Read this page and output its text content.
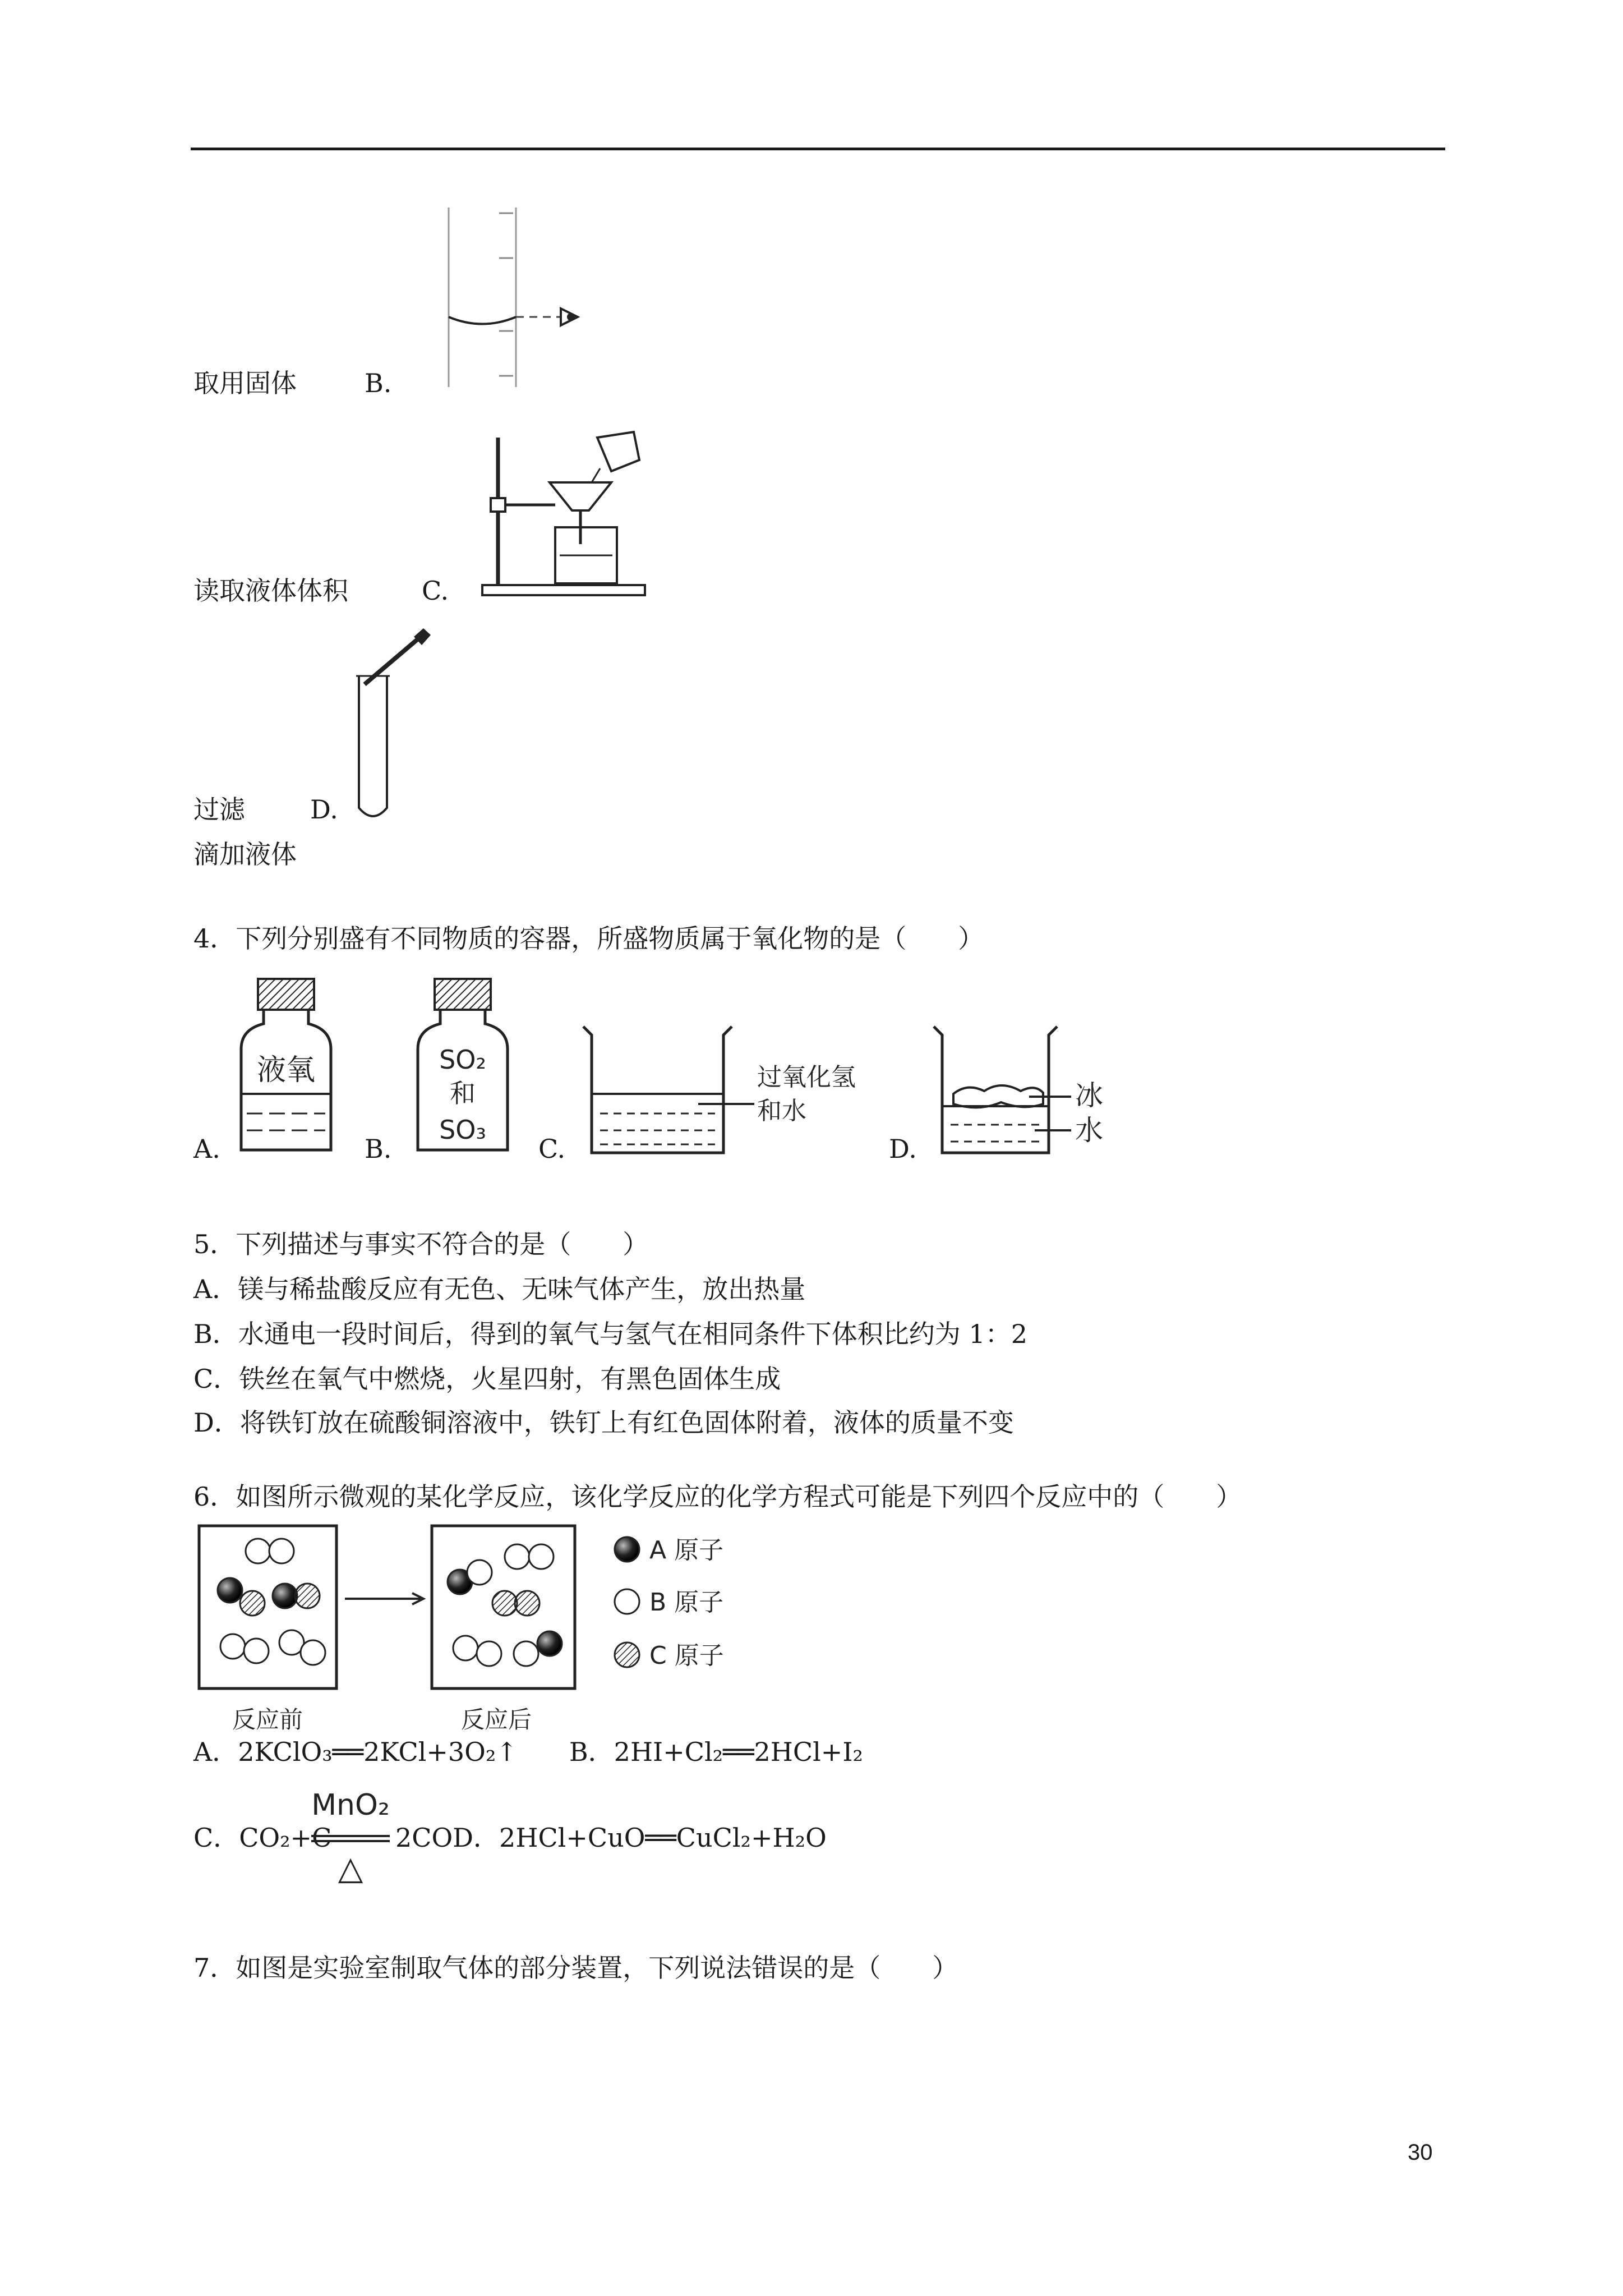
取用固体	B.
读取液体体积	C.
过滤	D.
滴加液体
4．下列分别盛有不同物质的容器，所盛物质属于氧化物的是（　　）
液氧
A.
SO₂
和
SO₃
B.
过氧化氢
和水
C.
冰
水
D.
5．下列描述与事实不符合的是（　　）
A．镁与稀盐酸反应有无色、无味气体产生，放出热量
B．水通电一段时间后，得到的氧气与氢气在相同条件下体积比约为 1：2
C．铁丝在氧气中燃烧，火星四射，有黑色固体生成
D．将铁钉放在硫酸铜溶液中，铁钉上有红色固体附着，液体的质量不变
6．如图所示微观的某化学反应，该化学反应的化学方程式可能是下列四个反应中的（　　）
A 原子
B 原子
C 原子
反应前	反应后
A．2KClO₃══2KCl+3O₂↑　　B．2HI+Cl₂══2HCl+I₂
C．CO₂+C
MnO₂
△
2COD．2HCl+CuO══CuCl₂+H₂O
7．如图是实验室制取气体的部分装置，下列说法错误的是（　　）
30
